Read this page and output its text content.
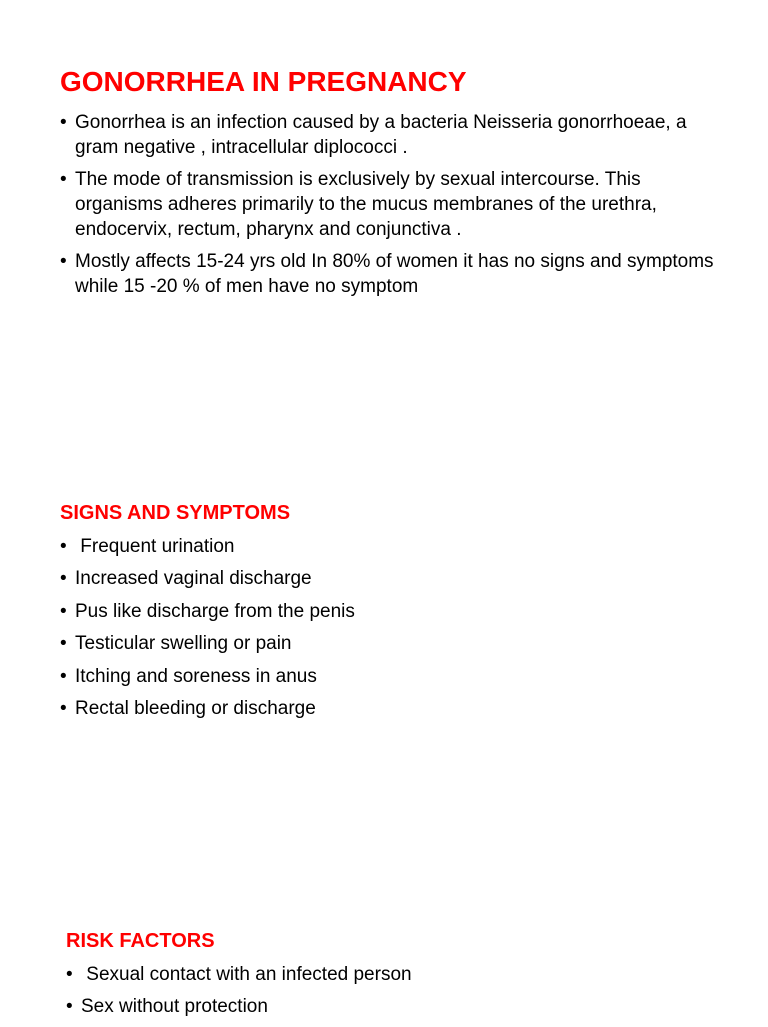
GONORRHEA IN PREGNANCY
• Gonorrhea is an infection caused by a bacteria Neisseria gonorrhoeae, a gram negative , intracellular diplococci .
• The mode of transmission is exclusively by sexual intercourse. This organisms adheres primarily to the mucus membranes of the urethra, endocervix, rectum, pharynx and conjunctiva .
• Mostly affects 15-24 yrs old In 80% of women it has no signs and symptoms while 15 -20 % of men have no symptom
SIGNS AND SYMPTOMS
• Frequent urination
• Increased vaginal discharge
• Pus like discharge from the penis
• Testicular swelling or pain
• Itching and soreness in anus
• Rectal bleeding or discharge
RISK FACTORS
• Sexual contact with an infected person
• Sex without protection
